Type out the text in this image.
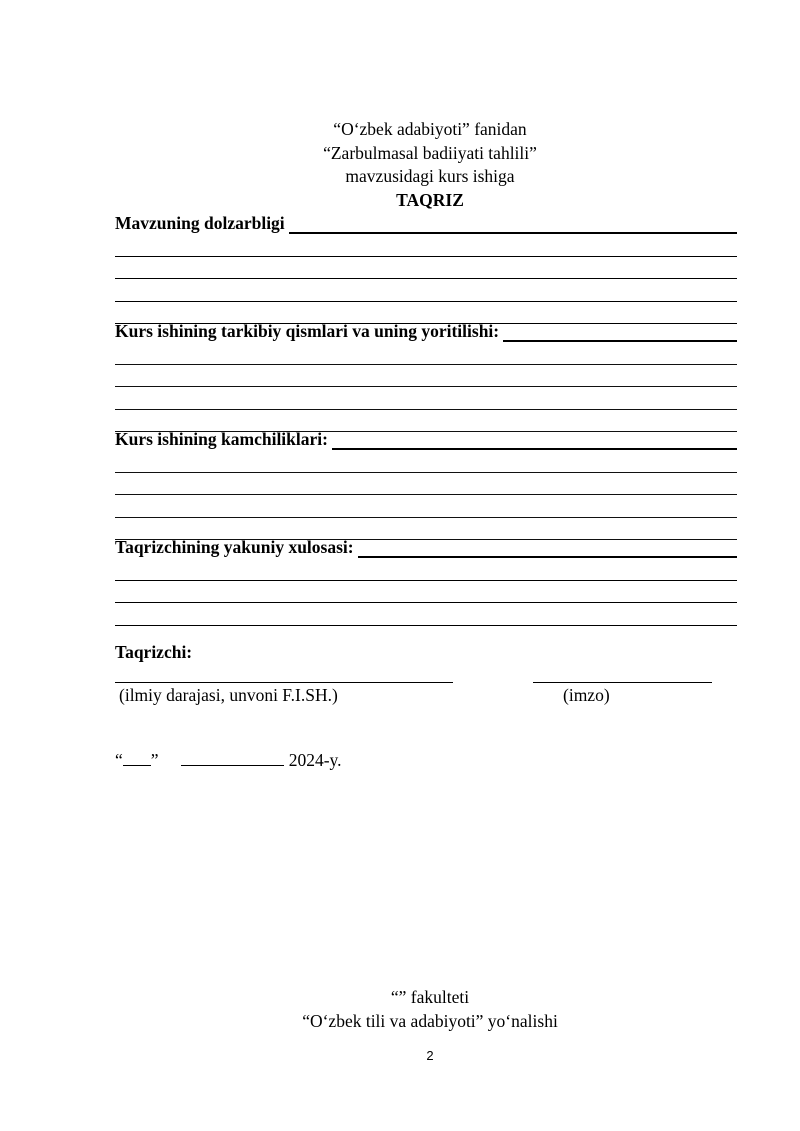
“O‘zbek adabiyoti” fanidan
“Zarbulmasal badiiyati tahlili”
mavzusidagi kurs ishiga
TAQRIZ
Mavzuning dolzarbligi
Kurs ishining tarkibiy qismlari va uning yoritilishi:
Kurs ishining kamchiliklari:
Taqrizchining yakuniy xulosasi:
Taqrizchi:
(ilmiy darajasi, unvoni F.I.SH.)	(imzo)
“ ”	2024-y.
“” fakulteti
“O‘zbek tili va adabiyoti” yo‘nalishi
2
